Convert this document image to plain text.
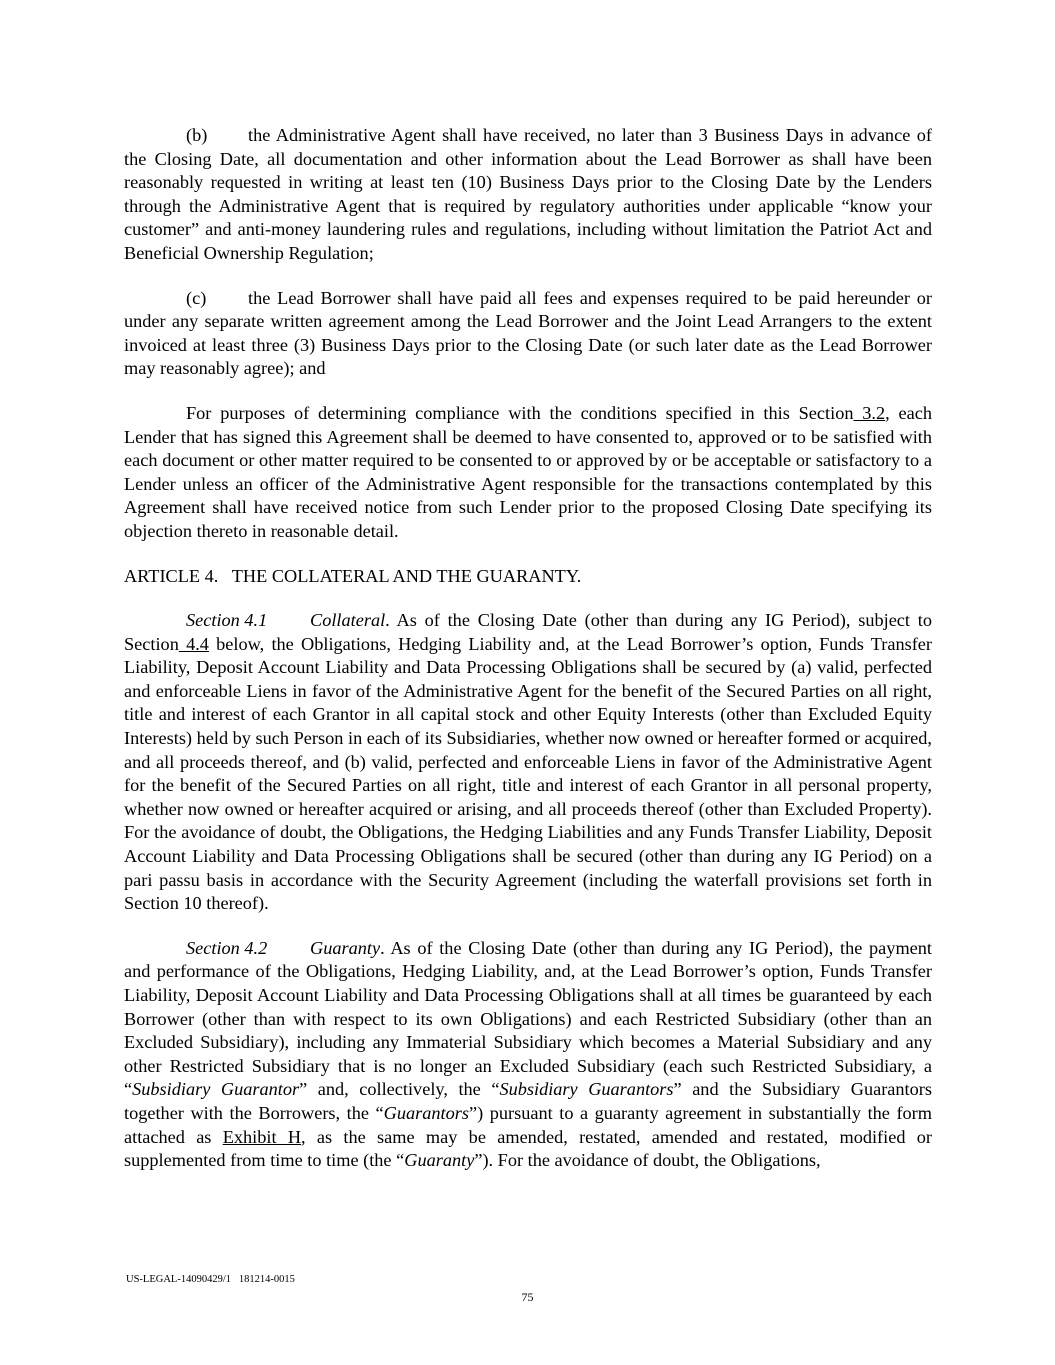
(b) the Administrative Agent shall have received, no later than 3 Business Days in advance of the Closing Date, all documentation and other information about the Lead Borrower as shall have been reasonably requested in writing at least ten (10) Business Days prior to the Closing Date by the Lenders through the Administrative Agent that is required by regulatory authorities under applicable “know your customer” and anti-money laundering rules and regulations, including without limitation the Patriot Act and Beneficial Ownership Regulation;

(c) the Lead Borrower shall have paid all fees and expenses required to be paid hereunder or under any separate written agreement among the Lead Borrower and the Joint Lead Arrangers to the extent invoiced at least three (3) Business Days prior to the Closing Date (or such later date as the Lead Borrower may reasonably agree); and

For purposes of determining compliance with the conditions specified in this Section 3.2, each Lender that has signed this Agreement shall be deemed to have consented to, approved or to be satisfied with each document or other matter required to be consented to or approved by or be acceptable or satisfactory to a Lender unless an officer of the Administrative Agent responsible for the transactions contemplated by this Agreement shall have received notice from such Lender prior to the proposed Closing Date specifying its objection thereto in reasonable detail.

ARTICLE 4.   THE COLLATERAL AND THE GUARANTY.

Section 4.1 Collateral. As of the Closing Date (other than during any IG Period), subject to Section 4.4 below, the Obligations, Hedging Liability and, at the Lead Borrower’s option, Funds Transfer Liability, Deposit Account Liability and Data Processing Obligations shall be secured by (a) valid, perfected and enforceable Liens in favor of the Administrative Agent for the benefit of the Secured Parties on all right, title and interest of each Grantor in all capital stock and other Equity Interests (other than Excluded Equity Interests) held by such Person in each of its Subsidiaries, whether now owned or hereafter formed or acquired, and all proceeds thereof, and (b) valid, perfected and enforceable Liens in favor of the Administrative Agent for the benefit of the Secured Parties on all right, title and interest of each Grantor in all personal property, whether now owned or hereafter acquired or arising, and all proceeds thereof (other than Excluded Property). For the avoidance of doubt, the Obligations, the Hedging Liabilities and any Funds Transfer Liability, Deposit Account Liability and Data Processing Obligations shall be secured (other than during any IG Period) on a pari passu basis in accordance with the Security Agreement (including the waterfall provisions set forth in Section 10 thereof).

Section 4.2 Guaranty. As of the Closing Date (other than during any IG Period), the payment and performance of the Obligations, Hedging Liability, and, at the Lead Borrower’s option, Funds Transfer Liability, Deposit Account Liability and Data Processing Obligations shall at all times be guaranteed by each Borrower (other than with respect to its own Obligations) and each Restricted Subsidiary (other than an Excluded Subsidiary), including any Immaterial Subsidiary which becomes a Material Subsidiary and any other Restricted Subsidiary that is no longer an Excluded Subsidiary (each such Restricted Subsidiary, a “Subsidiary Guarantor” and, collectively, the “Subsidiary Guarantors” and the Subsidiary Guarantors together with the Borrowers, the “Guarantors”) pursuant to a guaranty agreement in substantially the form attached as Exhibit H, as the same may be amended, restated, amended and restated, modified or supplemented from time to time (the “Guaranty”). For the avoidance of doubt, the Obligations,

US-LEGAL-14090429/1   181214-0015
75
